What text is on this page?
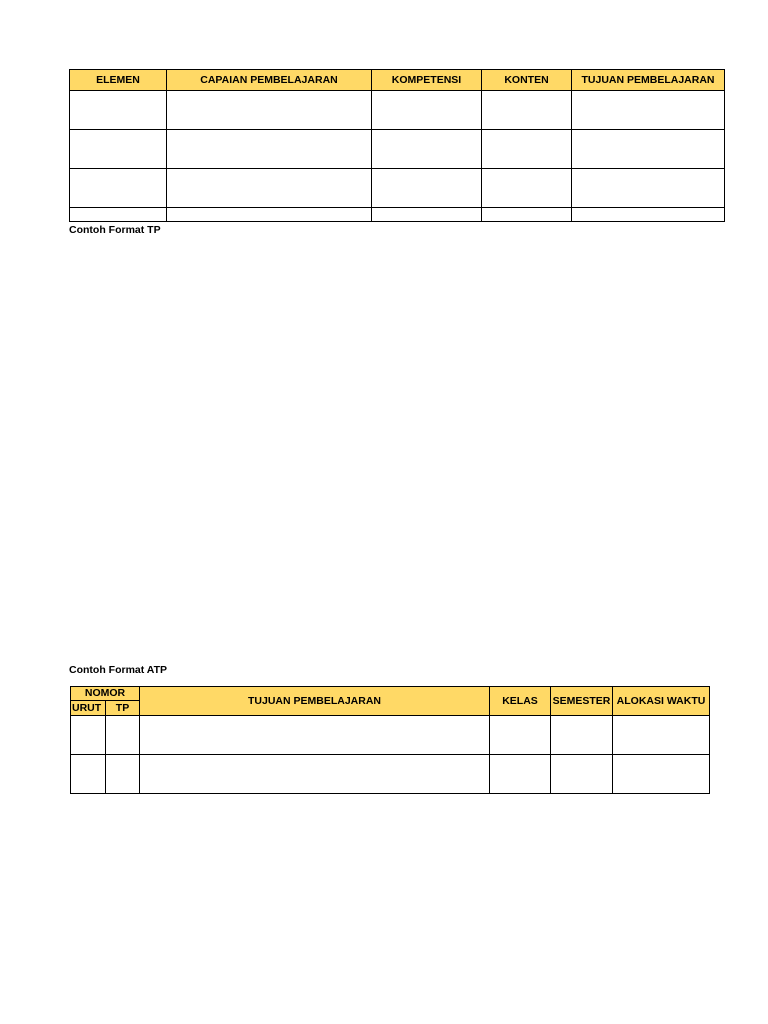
ELEMEN	CAPAIAN PEMBELAJARAN	KOMPETENSI	KONTEN	TUJUAN PEMBELAJARAN

Contoh Format TP
Contoh Format ATP
NOMOR		TUJUAN PEMBELAJARAN	KELAS	SEMESTER	ALOKASI WAKTU
URUT	TP				
